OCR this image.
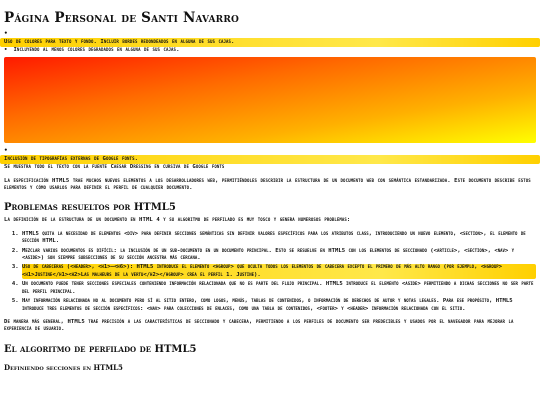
Página Personal de Santi Navarro
•
Uso de colores para texto y fondo. Incluir bordes redondeados en alguna de sus cajas.
• Incluyendo al menos colores degradados en alguna de sus cajas.
•
Inclusión de tipografías externas de Google fonts.
Se muestra todo el texto con la fuente Caesar Dressing en cursiva de Google fonts

La especificación HTML5 trae muchos nuevos elementos a los desarrolladores web, permitiéndoles describir la estructura de un documento web con semántica estandarizada. Este documento describe estos elementos y cómo usarlos para definir el perfil de cualquier documento.

Problemas resueltos por HTML5

La definición de la estructura de un documento en HTML 4 y su algoritmo de perfilado es muy tosco y genera numerosos problemas:

1. HTML5 quita la necesidad de elementos <div> para definir secciones semánticas sin definir valores específicos para los atributos class, introduciendo un nuevo elemento, <section>, el elemento de sección HTML.
2. Mezclar varios documentos es difícil: la inclusión de un sub-documento en un documento principal. Esto se resuelve en HTML5 con los elementos de seccionado (<article>, <section>, <nav> y <aside>) son siempre subsecciones de su sección ancestra más cercana.
3. Uso de cabeceras (<header>, <h1>–<h6>): HTML5 introduce el elemento <hgroup> que oculta todos los elementos de cabecera excepto el primero de más alto rango (por ejemplo, <hgroup><h1>Justine</h1><h2>Las malheurs de la vertu</h2></hgroup> crea el perfil 1. Justine).
4. Un documento puede tener secciones especiales conteniendo información relacionada que no es parte del flujo principal. HTML5 introduce el elemento <aside> permitiendo a dichas secciones no ser parte del perfil principal.
5. Hay información relacionada no al documento pero sí al sitio entero, como logos, menús, tablas de contenidos, o información de derechos de autor y notas legales. Para ese propósito, HTML5 introduce tres elementos de sección específicos: <nav> para colecciones de enlaces, como una tabla de contenidos, <footer> y <header> información relacionada con el sitio.

De manera más general, HTML5 trae precisión a las características de seccionado y cabecera, permitiendo a los perfiles de documento ser predecibles y usados por el navegador para mejorar la experiencia de usuario.

El algoritmo de perfilado de HTML5
Definiendo secciones en HTML5
